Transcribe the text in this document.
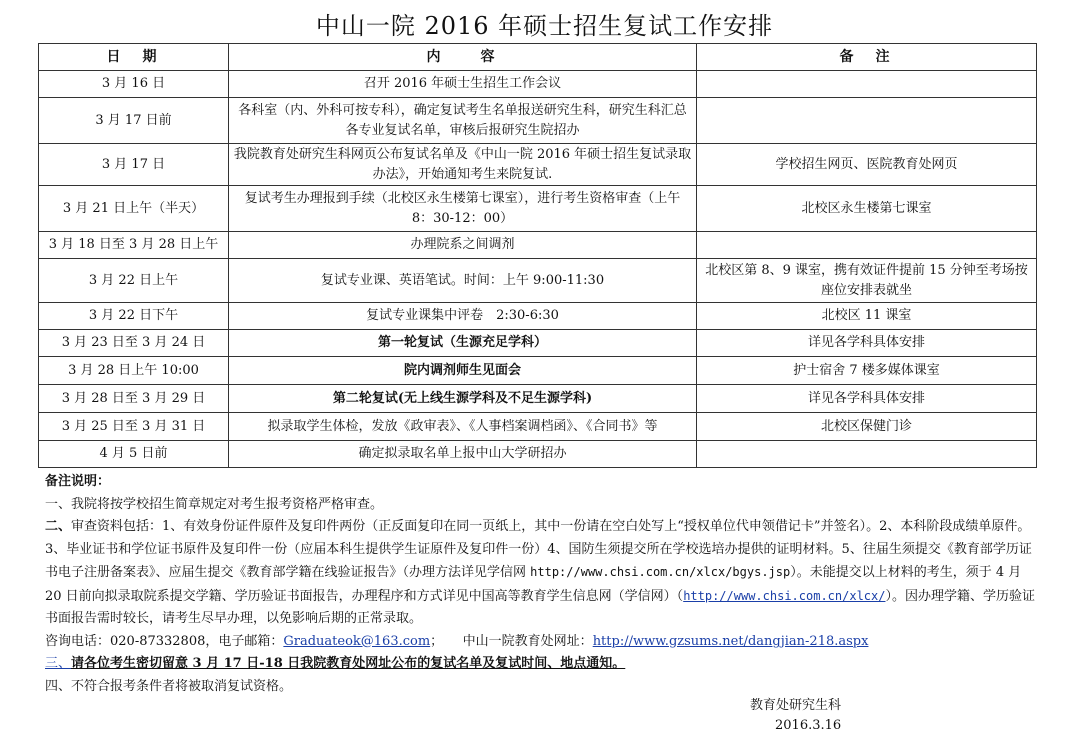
中山一院 2016 年硕士招生复试工作安排
日　期	内　　容	备　注
3 月 16 日	召开 2016 年硕士生招生工作会议	
3 月 17 日前	各科室（内、外科可按专科），确定复试考生名单报送研究生科，研究生科汇总各专业复试名单，审核后报研究生院招办	
3 月 17 日	我院教育处研究生科网页公布复试名单及《中山一院 2016 年硕士招生复试录取办法》，开始通知考生来院复试.	学校招生网页、医院教育处网页
3 月 21 日上午（半天）	复试考生办理报到手续（北校区永生楼第七课室），进行考生资格审查（上午 8：30-12：00）	北校区永生楼第七课室
3 月 18 日至 3 月 28 日上午	办理院系之间调剂	
3 月 22 日上午	复试专业课、英语笔试。时间：上午 9:00-11:30	北校区第 8、9 课室，携有效证件提前 15 分钟至考场按座位安排表就坐
3 月 22 日下午	复试专业课集中评卷　2:30-6:30	北校区 11 课室
3 月 23 日至 3 月 24 日	第一轮复试（生源充足学科）	详见各学科具体安排
3 月 28 日上午 10:00	院内调剂师生见面会	护士宿舍 7 楼多媒体课室
3 月 28 日至 3 月 29 日	第二轮复试(无上线生源学科及不足生源学科)	详见各学科具体安排
3 月 25 日至 3 月 31 日	拟录取学生体检，发放《政审表》、《人事档案调档函》、《合同书》等	北校区保健门诊
4 月 5 日前	确定拟录取名单上报中山大学研招办	

备注说明：

一、我院将按学校招生简章规定对考生报考资格严格审查。

二、审查资料包括：1、有效身份证件原件及复印件两份（正反面复印在同一页纸上，其中一份请在空白处写上“授权单位代申领借记卡”并签名）。2、本科阶段成绩单原件。3、毕业证书和学位证书原件及复印件一份（应届本科生提供学生证原件及复印件一份）4、国防生须提交所在学校选培办提供的证明材料。5、往届生须提交《教育部学历证书电子注册备案表》、应届生提交《教育部学籍在线验证报告》（办理方法详见学信网 http://www.chsi.com.cn/xlcx/bgys.jsp）。未能提交以上材料的考生，须于 4 月 20 日前向拟录取院系提交学籍、学历验证书面报告，办理程序和方式详见中国高等教育学生信息网（学信网）（http://www.chsi.com.cn/xlcx/）。因办理学籍、学历验证书面报告需时较长，请考生尽早办理，以免影响后期的正常录取。

咨询电话：020-87332808，电子邮箱：Graduateok@163.com；　　中山一院教育处网址：http://www.gzsums.net/dangjian-218.aspx

三、请各位考生密切留意 3 月 17 日-18 日我院教育处网址公布的复试名单及复试时间、地点通知。

四、不符合报考条件者将被取消复试资格。

教育处研究生科
2016.3.16
